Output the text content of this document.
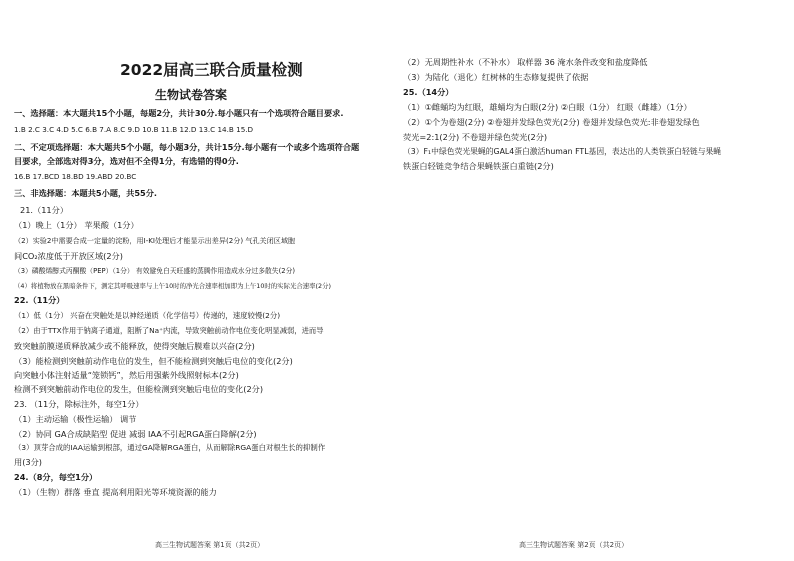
2022届高三联合质量检测
生物试卷答案
一、选择题：本大题共15个小题，每题2分，共计30分.每小题只有一个选项符合题目要求.
1.B 2.C 3.C 4.D 5.C 6.B 7.A 8.C 9.D 10.B 11.B 12.D 13.C 14.B 15.D
二、不定项选择题：本大题共5个小题，每小题3分，共计15分.每小题有一个或多个选项符合题
目要求，全部选对得3分，选对但不全得1分，有选错的得0分.
16.B 17.BCD 18.BD 19.ABD 20.BC
三、非选择题：本题共5小题，共55分.
21.（11分）
（1）晚上（1分） 苹果酸（1分）
（2）实验2中需要合成一定量的淀粉，用I-KI处理后才能显示出差异(2分) 气孔关闭区域胞
间CO₂浓度低于开放区域(2分)
（3）磷酸烯醇式丙酮酸（PEP）（1分） 有效避免白天旺盛的蒸腾作用造成水分过多散失(2分)
（4）将植物放在黑暗条件下，测定其呼吸速率与上午10时的净光合速率相加即为上午10时的实际光合速率(2分)
22.（11分）
（1）低（1分） 兴奋在突触处是以神经递质（化学信号）传递的，速度较慢(2分)
（2）由于TTX作用于钠离子通道，阻断了Na⁺内流，导致突触前动作电位变化明显减弱，进而导
致突触前膜递质释放减少或不能释放，使得突触后膜难以兴奋(2分)
（3）能检测到突触前动作电位的发生，但不能检测到突触后电位的变化(2分)
向突触小体注射适量“笼锁钙”，然后用强紫外线照射标本(2分)
检测不到突触前动作电位的发生，但能检测到突触后电位的变化(2分)
23. （11分，除标注外，每空1分）
（1）主动运输（极性运输） 调节
（2）协同 GA合成缺陷型 促进 减弱 IAA不引起RGA蛋白降解(2分)
（3）顶芽合成的IAA运输到根部，通过GA降解RGA蛋白，从而解除RGA蛋白对根生长的抑制作
用(3分)
24.（8分，每空1分）
（1）（生物）群落 垂直 提高利用阳光等环境资源的能力
高三生物试题答案 第1页（共2页）
（2）无周期性补水（不补水） 取样器 36 淹水条件改变和盐度降低
（3）为陆化（退化）红树林的生态修复提供了依据
25.（14分）
（1）①雌蛹均为红眼，雄蛹均为白眼(2分) ②白眼（1分） 红眼（雌雄）（1分）
（2）①个为卷翅(2分) ②卷翅并发绿色荧光(2分) 卷翅并发绿色荧光:非卷翅发绿色
荧光=2:1(2分) 不卷翅并绿色荧光(2分)
（3）F₁中绿色荧光果蝇的GAL4蛋白激活human FTL基因，表达出的人类铁蛋白轻链与果蝇
铁蛋白轻链竞争结合果蝇铁蛋白重链(2分)
高三生物试题答案 第2页（共2页）
